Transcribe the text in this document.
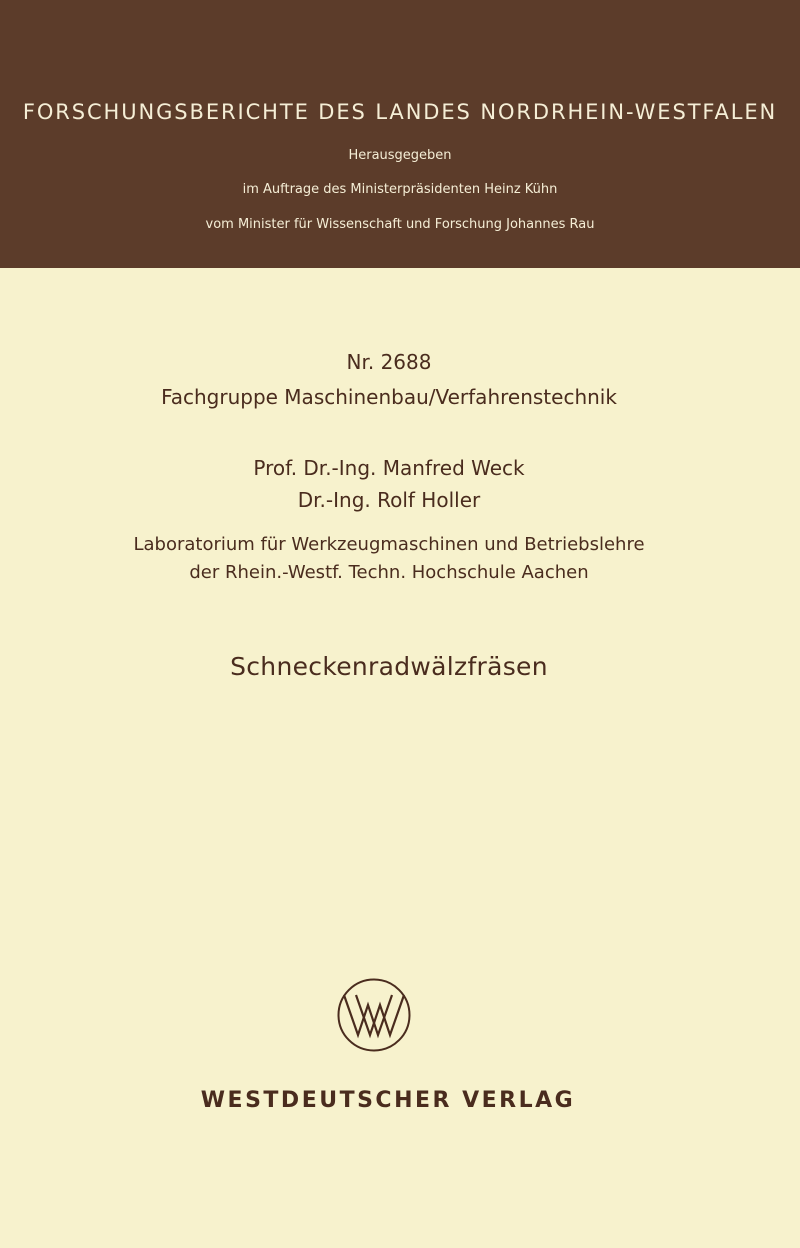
FORSCHUNGSBERICHTE DES LANDES NORDRHEIN-WESTFALEN
Herausgegeben
im Auftrage des Ministerpräsidenten Heinz Kühn
vom Minister für Wissenschaft und Forschung Johannes Rau
Nr. 2688
Fachgruppe Maschinenbau/Verfahrenstechnik
Prof. Dr.-Ing. Manfred Weck
Dr.-Ing. Rolf Holler
Laboratorium für Werkzeugmaschinen und Betriebslehre
der Rhein.-Westf. Techn. Hochschule Aachen
Schneckenradwälzfräsen
WESTDEUTSCHER VERLAG
